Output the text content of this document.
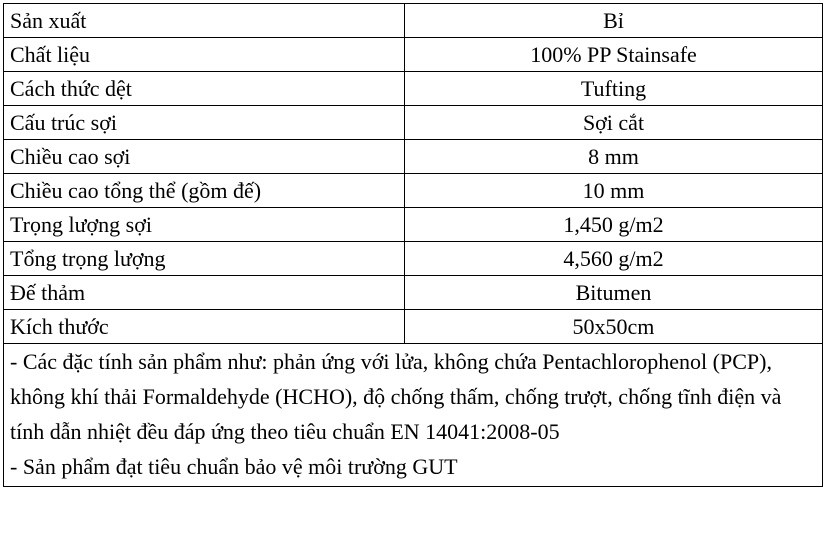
Sản xuất	Bỉ
Chất liệu	100% PP Stainsafe
Cách thức dệt	Tufting
Cấu trúc sợi	Sợi cắt
Chiều cao sợi	8 mm
Chiều cao tổng thể (gồm đế)	10 mm
Trọng lượng sợi	1,450 g/m2
Tổng trọng lượng	4,560 g/m2
Đế thảm	Bitumen
Kích thước	50x50cm

- Các đặc tính sản phẩm như: phản ứng với lửa, không chứa Pentachlorophenol (PCP), không khí thải Formaldehyde (HCHO), độ chống thấm, chống trượt, chống tĩnh điện và tính dẫn nhiệt đều đáp ứng theo tiêu chuẩn EN 14041:2008-05

- Sản phẩm đạt tiêu chuẩn bảo vệ môi trường GUT	
